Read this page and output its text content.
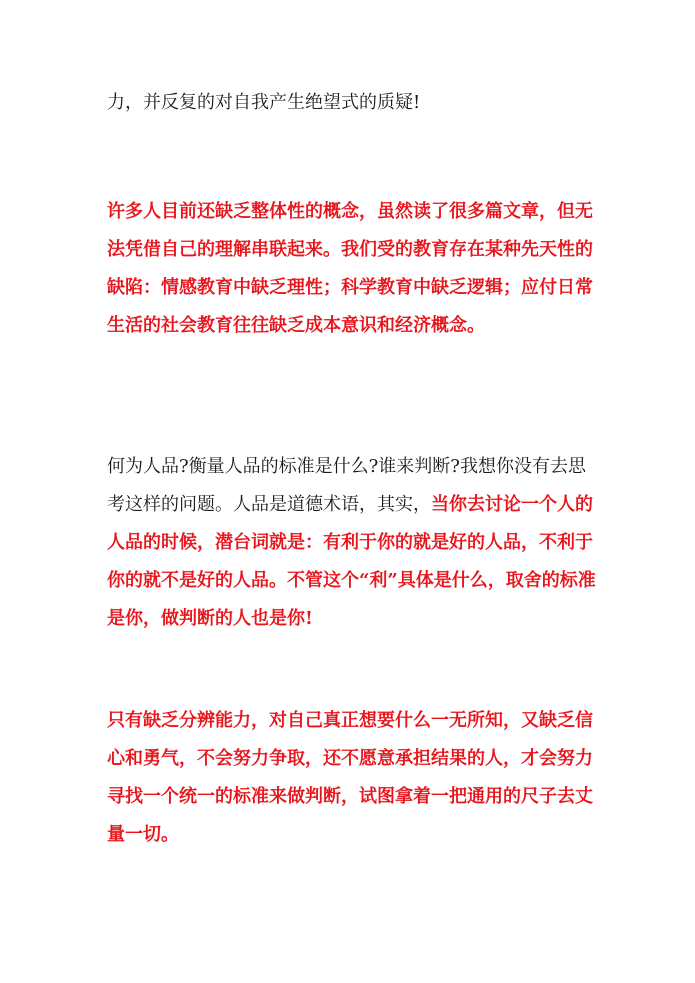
力，并反复的对自我产生绝望式的质疑!

许多人目前还缺乏整体性的概念，虽然读了很多篇文章，但无法凭借自己的理解串联起来。我们受的教育存在某种先天性的缺陷：情感教育中缺乏理性；科学教育中缺乏逻辑；应付日常生活的社会教育往往缺乏成本意识和经济概念。

何为人品?衡量人品的标准是什么?谁来判断?我想你没有去思考这样的问题。人品是道德术语，其实，当你去讨论一个人的人品的时候，潜台词就是：有利于你的就是好的人品，不利于你的就不是好的人品。不管这个“利”具体是什么，取舍的标准是你，做判断的人也是你!

只有缺乏分辨能力，对自己真正想要什么一无所知，又缺乏信心和勇气，不会努力争取，还不愿意承担结果的人，才会努力寻找一个统一的标准来做判断，试图拿着一把通用的尺子去丈量一切。
